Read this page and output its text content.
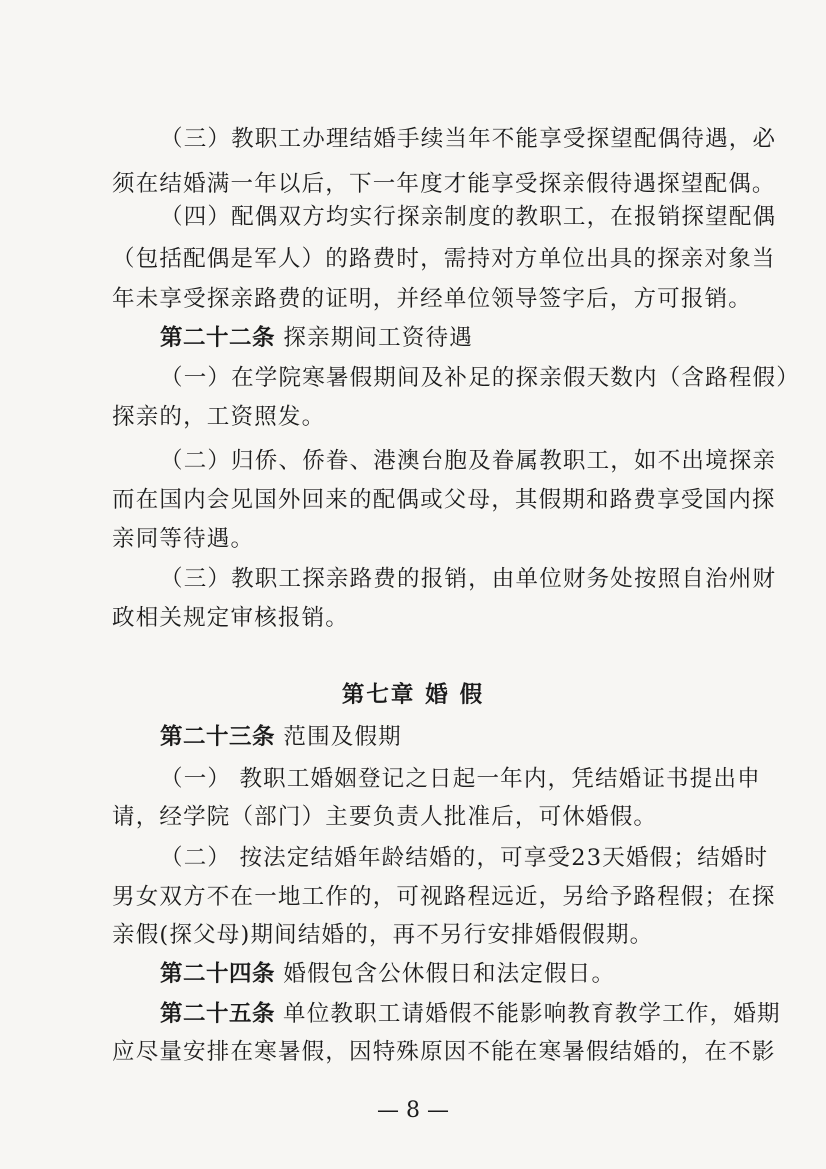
（三）教职工办理结婚手续当年不能享受探望配偶待遇，必
须在结婚满一年以后，下一年度才能享受探亲假待遇探望配偶。
（四）配偶双方均实行探亲制度的教职工，在报销探望配偶
（包括配偶是军人）的路费时，需持对方单位出具的探亲对象当
年未享受探亲路费的证明，并经单位领导签字后，方可报销。
第二十二条 探亲期间工资待遇
（一）在学院寒暑假期间及补足的探亲假天数内（含路程假）
探亲的，工资照发。
（二）归侨、侨眷、港澳台胞及眷属教职工，如不出境探亲
而在国内会见国外回来的配偶或父母，其假期和路费享受国内探
亲同等待遇。
（三）教职工探亲路费的报销，由单位财务处按照自治州财
政相关规定审核报销。
第七章 婚 假
第二十三条 范围及假期
（一） 教职工婚姻登记之日起一年内，凭结婚证书提出申
请，经学院（部门）主要负责人批准后，可休婚假。
（二） 按法定结婚年龄结婚的，可享受23天婚假；结婚时
男女双方不在一地工作的，可视路程远近，另给予路程假；在探
亲假(探父母)期间结婚的，再不另行安排婚假假期。
第二十四条 婚假包含公休假日和法定假日。
第二十五条 单位教职工请婚假不能影响教育教学工作，婚期
应尽量安排在寒暑假，因特殊原因不能在寒暑假结婚的，在不影
— 8 —
